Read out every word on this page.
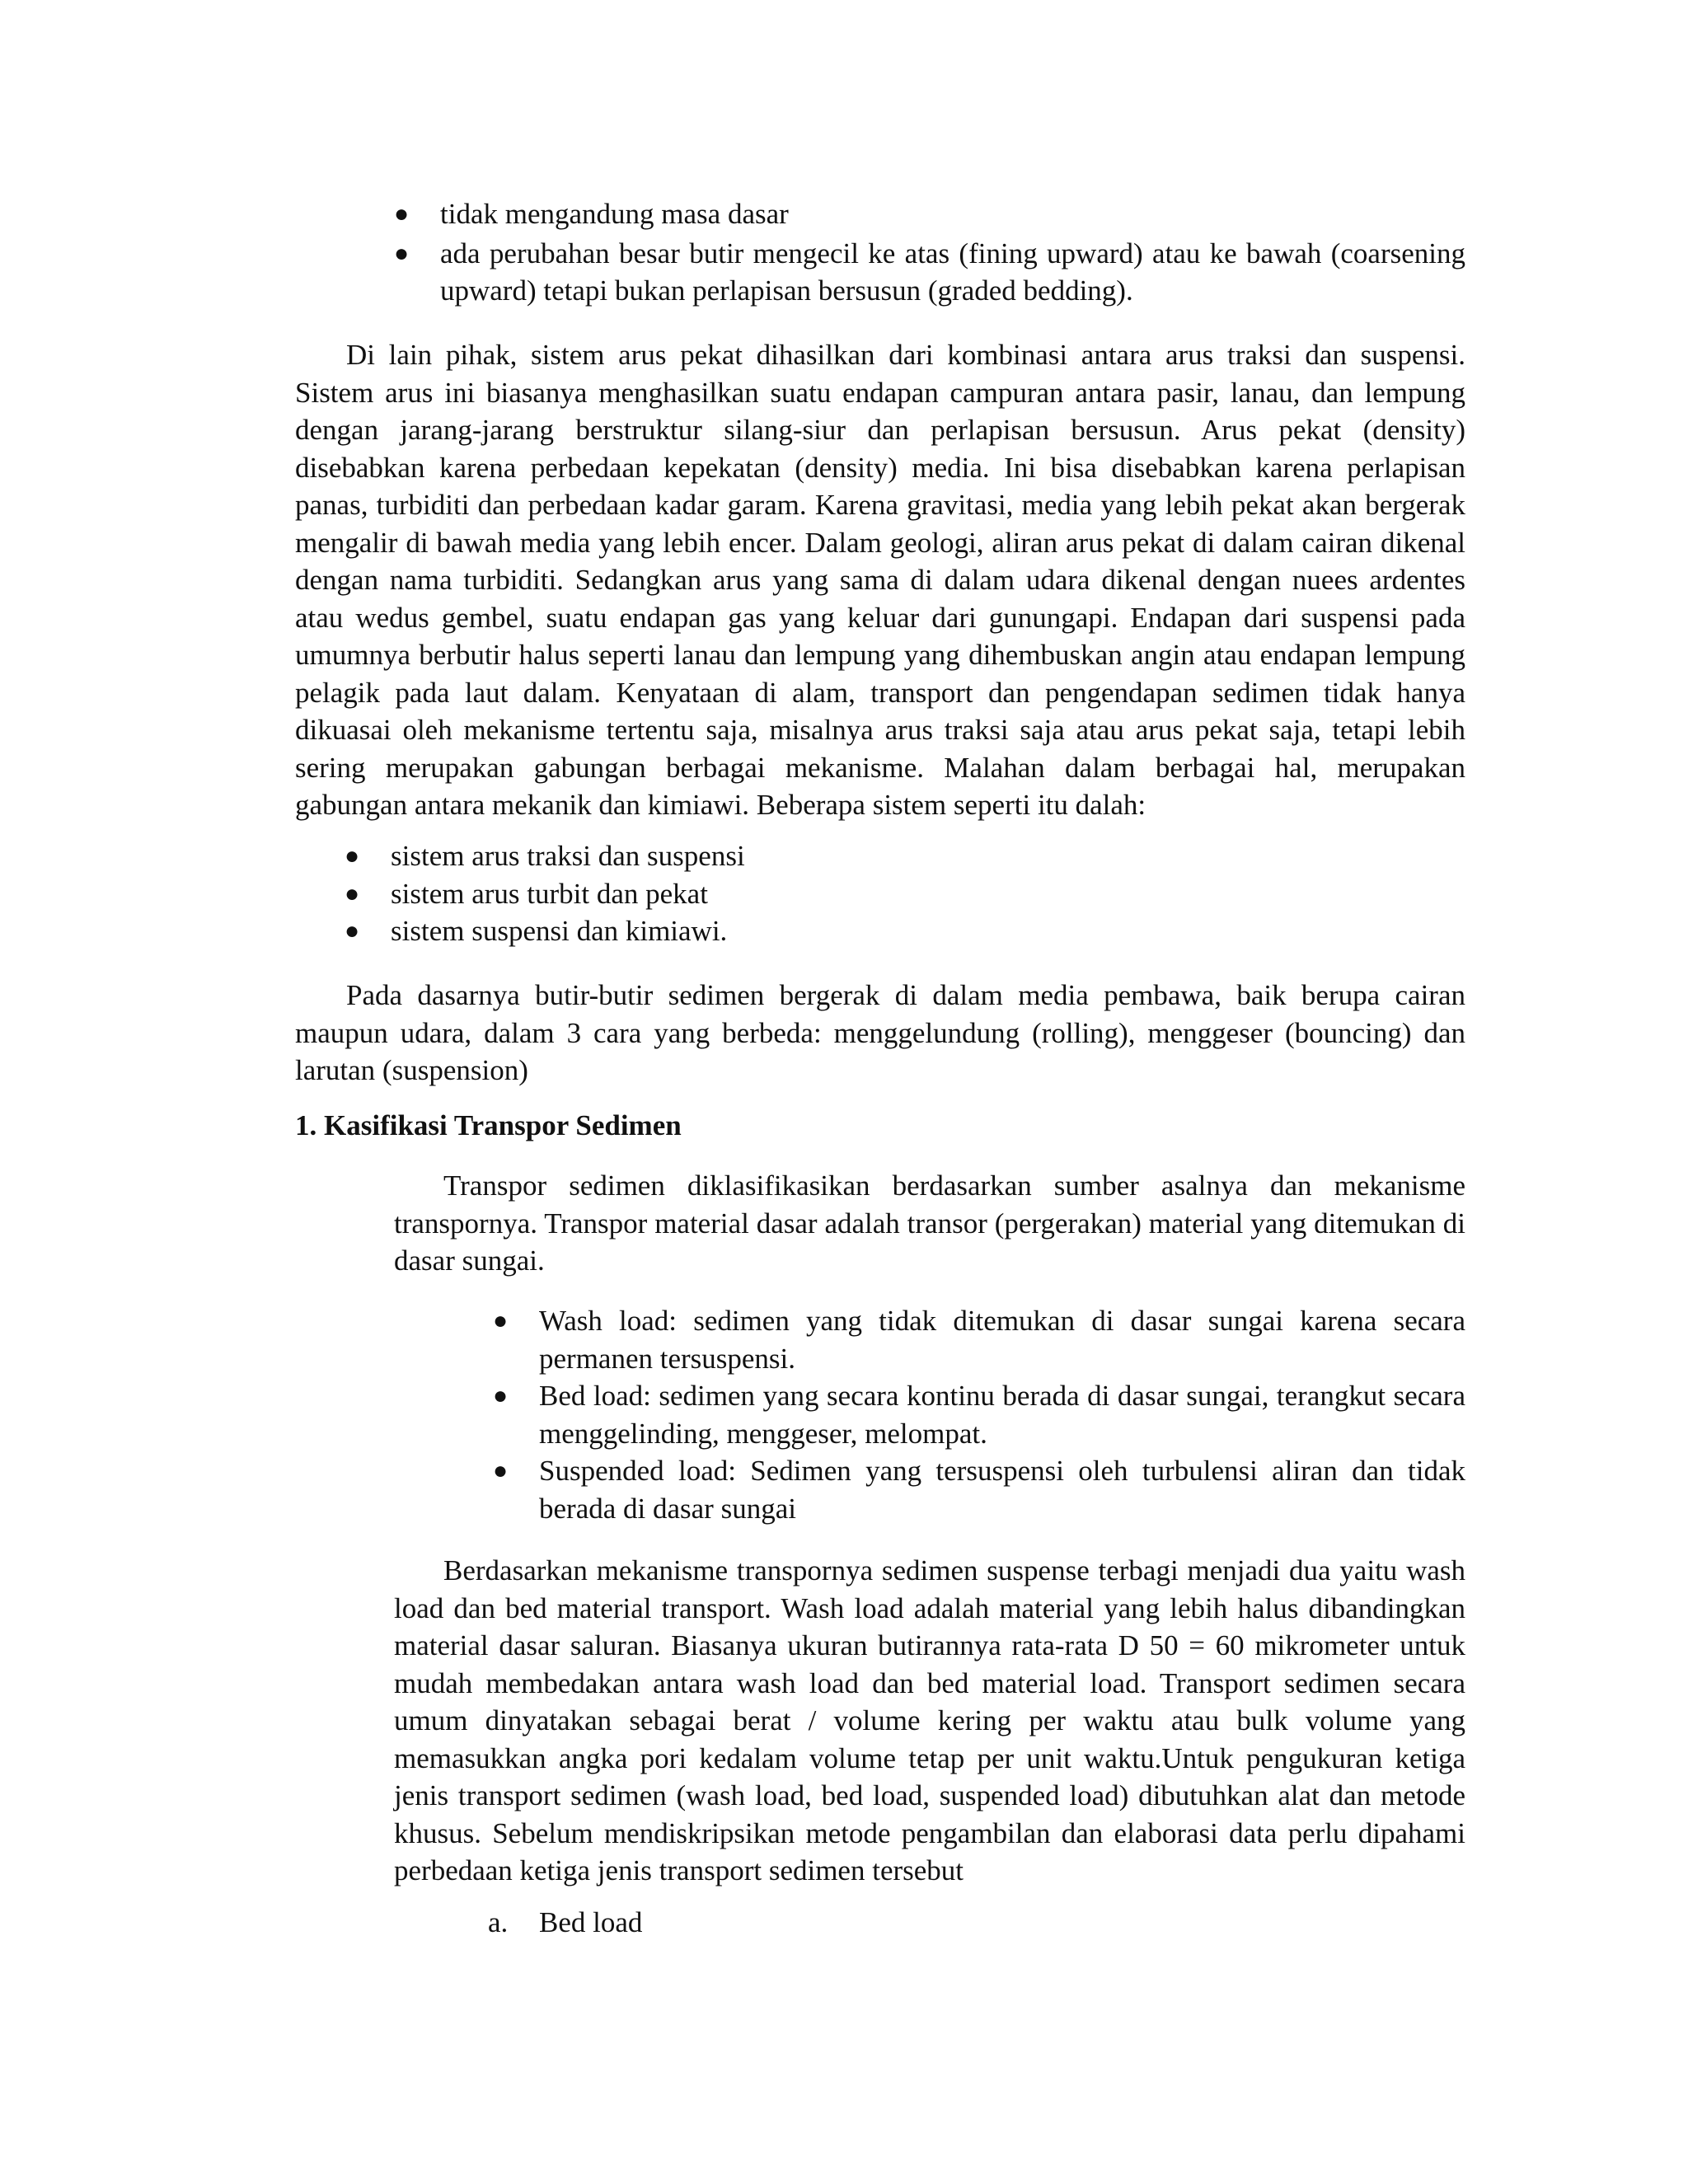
● tidak mengandung masa dasar
● ada perubahan besar butir mengecil ke atas (fining upward) atau ke bawah (coarsening upward) tetapi bukan perlapisan bersusun (graded bedding).

Di lain pihak, sistem arus pekat dihasilkan dari kombinasi antara arus traksi dan suspensi. Sistem arus ini biasanya menghasilkan suatu endapan campuran antara pasir, lanau, dan lempung dengan jarang-jarang berstruktur silang-siur dan perlapisan bersusun. Arus pekat (density) disebabkan karena perbedaan kepekatan (density) media. Ini bisa disebabkan karena perlapisan panas, turbiditi dan perbedaan kadar garam. Karena gravitasi, media yang lebih pekat akan bergerak mengalir di bawah media yang lebih encer. Dalam geologi, aliran arus pekat di dalam cairan dikenal dengan nama turbiditi. Sedangkan arus yang sama di dalam udara dikenal dengan nuees ardentes atau wedus gembel, suatu endapan gas yang keluar dari gunungapi. Endapan dari suspensi pada umumnya berbutir halus seperti lanau dan lempung yang dihembuskan angin atau endapan lempung pelagik pada laut dalam. Kenyataan di alam, transport dan pengendapan sedimen tidak hanya dikuasai oleh mekanisme tertentu saja, misalnya arus traksi saja atau arus pekat saja, tetapi lebih sering merupakan gabungan berbagai mekanisme. Malahan dalam berbagai hal, merupakan gabungan antara mekanik dan kimiawi. Beberapa sistem seperti itu dalah:

● sistem arus traksi dan suspensi
● sistem arus turbit dan pekat
● sistem suspensi dan kimiawi.

Pada dasarnya butir-butir sedimen bergerak di dalam media pembawa, baik berupa cairan maupun udara, dalam 3 cara yang berbeda: menggelundung (rolling), menggeser (bouncing) dan larutan (suspension)

1. Kasifikasi Transpor Sedimen

Transpor sedimen diklasifikasikan berdasarkan sumber asalnya dan mekanisme transpornya. Transpor material dasar adalah transor (pergerakan) material yang ditemukan di dasar sungai.

● Wash load: sedimen yang tidak ditemukan di dasar sungai karena secara permanen tersuspensi.
● Bed load: sedimen yang secara kontinu berada di dasar sungai, terangkut secara menggelinding, menggeser, melompat.
● Suspended load: Sedimen yang tersuspensi oleh turbulensi aliran dan tidak berada di dasar sungai

Berdasarkan mekanisme transpornya sedimen suspense terbagi menjadi dua yaitu wash load dan bed material transport. Wash load adalah material yang lebih halus dibandingkan material dasar saluran. Biasanya ukuran butirannya rata-rata D 50 = 60 mikrometer untuk mudah membedakan antara wash load dan bed material load. Transport sedimen secara umum dinyatakan sebagai berat / volume kering per waktu atau bulk volume yang memasukkan angka pori kedalam volume tetap per unit waktu.Untuk pengukuran ketiga jenis transport sedimen (wash load, bed load, suspended load) dibutuhkan alat dan metode khusus. Sebelum mendiskripsikan metode pengambilan dan elaborasi data perlu dipahami perbedaan ketiga jenis transport sedimen tersebut

a. Bed load
